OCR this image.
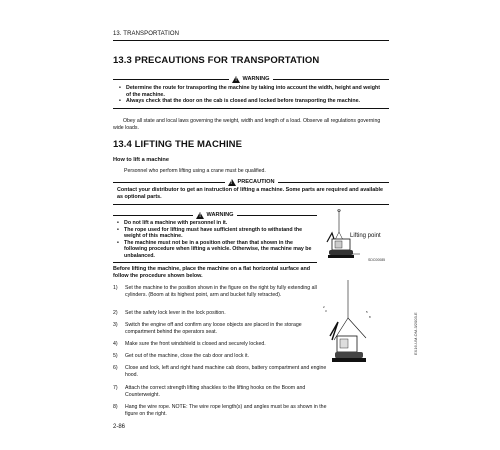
13. TRANSPORTATION
13.3 PRECAUTIONS FOR TRANSPORTATION
!
WARNING
• Determine the route for transporting the machine by taking into account the width, height and weight of the machine.
• Always check that the door on the cab is closed and locked before transporting the machine.
Obey all state and local laws governing the weight, width and length of a load. Observe all regulations governing wide loads.
13.4 LIFTING THE MACHINE
How to lift a machine
Personnel who perform lifting using a crane must be qualified.
!
PRECAUTION
Contact your distributor to get an instruction of lifting a machine. Some parts are required and available as optional parts.
!
WARNING
• Do not lift a machine with personnel in it.
• The rope used for lifting must have sufficient strength to withstand the weight of this machine.
• The machine must not be in a position other than that shown in the following procedure when lifting a vehicle. Otherwise, the machine may be unbalanced.
Before lifting the machine, place the machine on a flat horizontal surface and follow the procedure shown below.
Lifting point
SDC00085
2
3	5
8
1) Set the machine to the position shown in the figure on the right by fully extending all cylinders. (Boom at its highest point, arm and bucket fully retracted).
2) Set the safety lock lever in the lock position.
3) Switch the engine off and confirm any loose objects are placed in the storage compartment behind the operators seat.
4) Make sure the front windshield is closed and securely locked.
5) Get out of the machine, close the cab door and lock it.
6) Close and lock, left and right hand machine cab doors, battery compartment and engine hood.
7) Attach the correct strength lifting shackles to the lifting hooks on the Boom and Counterweight.
8) Hang the wire rope. NOTE: The wire rope length(s) and angles must be as shown in the figure on the right.
2-86
EX16-UM-OM-3/2003-E
